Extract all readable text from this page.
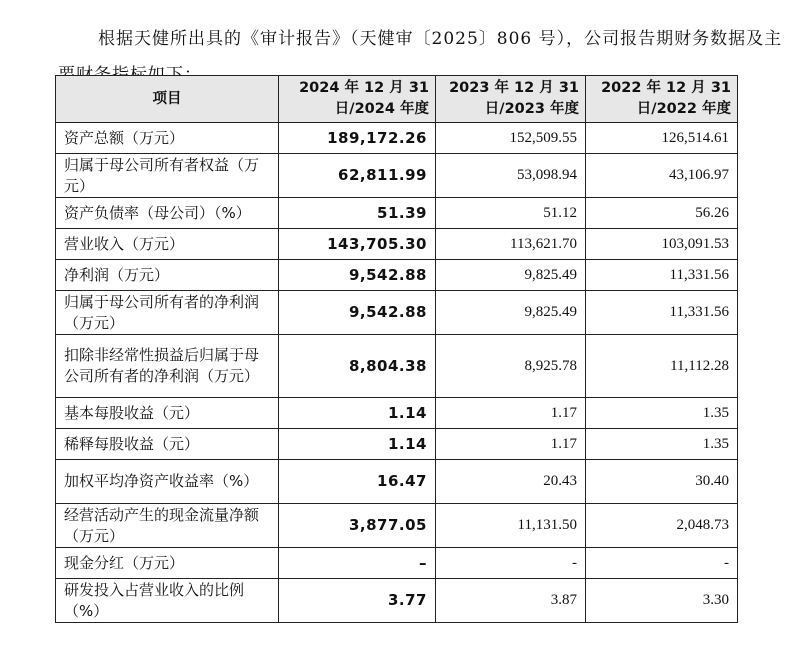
根据天健所出具的《审计报告》（天健审〔2025〕806 号），公司报告期财务数据及主

项目	2024 年 12 月 31 日/2024 年度	2023 年 12 月 31 日/2023 年度	2022 年 12 月 31 日/2022 年度
资产总额（万元）	189,172.26	152,509.55	126,514.61
归属于母公司所有者权益（万元）	62,811.99	53,098.94	43,106.97
资产负债率（母公司）（%）	51.39	51.12	56.26
营业收入（万元）	143,705.30	113,621.70	103,091.53
净利润（万元）	9,542.88	9,825.49	11,331.56
归属于母公司所有者的净利润（万元）	9,542.88	9,825.49	11,331.56
扣除非经常性损益后归属于母公司所有者的净利润（万元）	8,804.38	8,925.78	11,112.28
基本每股收益（元）	1.14	1.17	1.35
稀释每股收益（元）	1.14	1.17	1.35
加权平均净资产收益率（%）	16.47	20.43	30.40
经营活动产生的现金流量净额（万元）	3,877.05	11,131.50	2,048.73
现金分红（万元）	–	-	-
研发投入占营业收入的比例（%）	3.77	3.87	3.30
